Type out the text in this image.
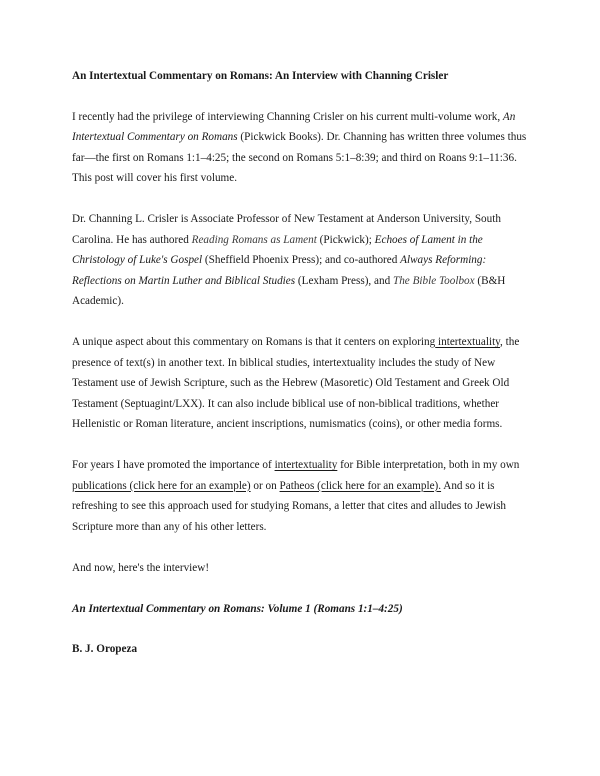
An Intertextual Commentary on Romans: An Interview with Channing Crisler

I recently had the privilege of interviewing Channing Crisler on his current multi-volume work, An Intertextual Commentary on Romans (Pickwick Books). Dr. Channing has written three volumes thus far—the first on Romans 1:1–4:25; the second on Romans 5:1–8:39; and third on Roans 9:1–11:36. This post will cover his first volume.

Dr. Channing L. Crisler is Associate Professor of New Testament at Anderson University, South Carolina. He has authored Reading Romans as Lament (Pickwick); Echoes of Lament in the Christology of Luke's Gospel (Sheffield Phoenix Press); and co-authored Always Reforming: Reflections on Martin Luther and Biblical Studies (Lexham Press), and The Bible Toolbox (B&H Academic).

A unique aspect about this commentary on Romans is that it centers on exploring intertextuality, the presence of text(s) in another text. In biblical studies, intertextuality includes the study of New Testament use of Jewish Scripture, such as the Hebrew (Masoretic) Old Testament and Greek Old Testament (Septuagint/LXX). It can also include biblical use of non-biblical traditions, whether Hellenistic or Roman literature, ancient inscriptions, numismatics (coins), or other media forms.

For years I have promoted the importance of intertextuality for Bible interpretation, both in my own publications (click here for an example) or on Patheos (click here for an example). And so it is refreshing to see this approach used for studying Romans, a letter that cites and alludes to Jewish Scripture more than any of his other letters.

And now, here's the interview!

An Intertextual Commentary on Romans: Volume 1 (Romans 1:1–4:25)
B. J. Oropeza
